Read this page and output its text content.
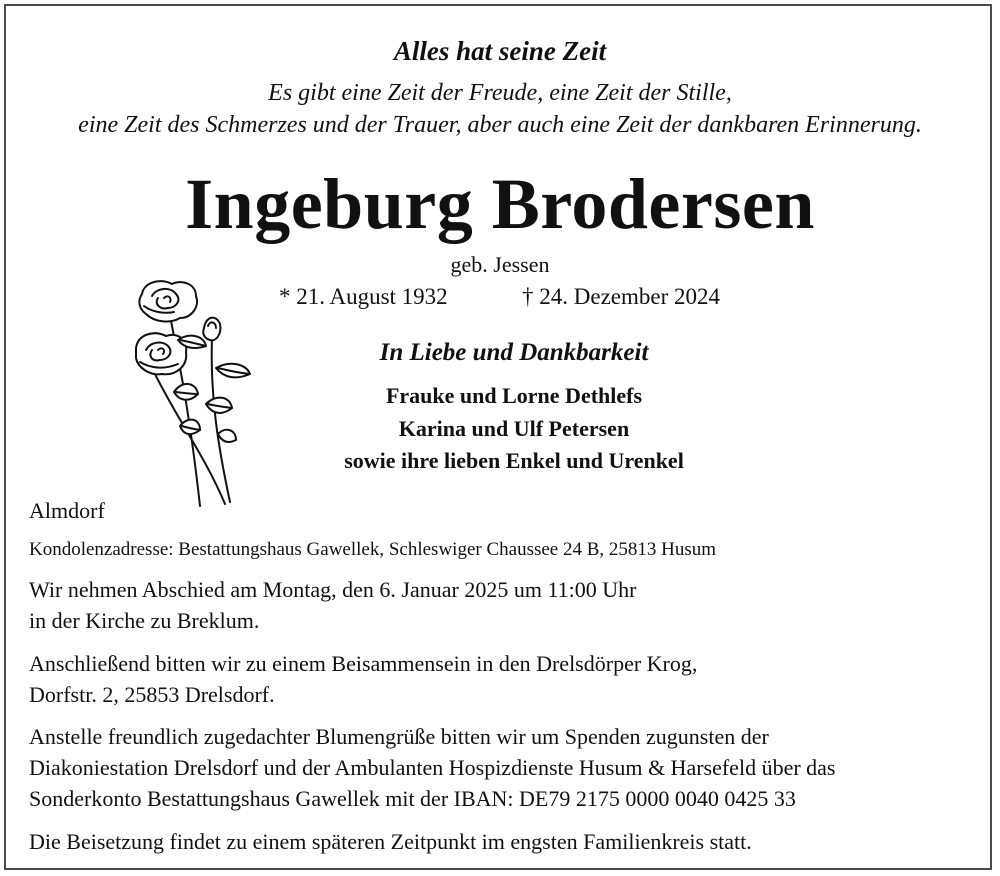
Alles hat seine Zeit
Es gibt eine Zeit der Freude, eine Zeit der Stille,
eine Zeit des Schmerzes und der Trauer, aber auch eine Zeit der dankbaren Erinnerung.
Ingeburg Brodersen
geb. Jessen
* 21. August 1932	† 24. Dezember 2024
In Liebe und Dankbarkeit
Frauke und Lorne Dethlefs
Karina und Ulf Petersen
sowie ihre lieben Enkel und Urenkel
Almdorf
Kondolenzadresse: Bestattungshaus Gawellek, Schleswiger Chaussee 24 B, 25813 Husum
Wir nehmen Abschied am Montag, den 6. Januar 2025 um 11:00 Uhr
in der Kirche zu Breklum.
Anschließend bitten wir zu einem Beisammensein in den Drelsdörper Krog,
Dorfstr. 2, 25853 Drelsdorf.
Anstelle freundlich zugedachter Blumengrüße bitten wir um Spenden zugunsten der
Diakoniestation Drelsdorf und der Ambulanten Hospizdienste Husum & Harsefeld über das
Sonderkonto Bestattungshaus Gawellek mit der IBAN: DE79 2175 0000 0040 0425 33
Die Beisetzung findet zu einem späteren Zeitpunkt im engsten Familienkreis statt.
